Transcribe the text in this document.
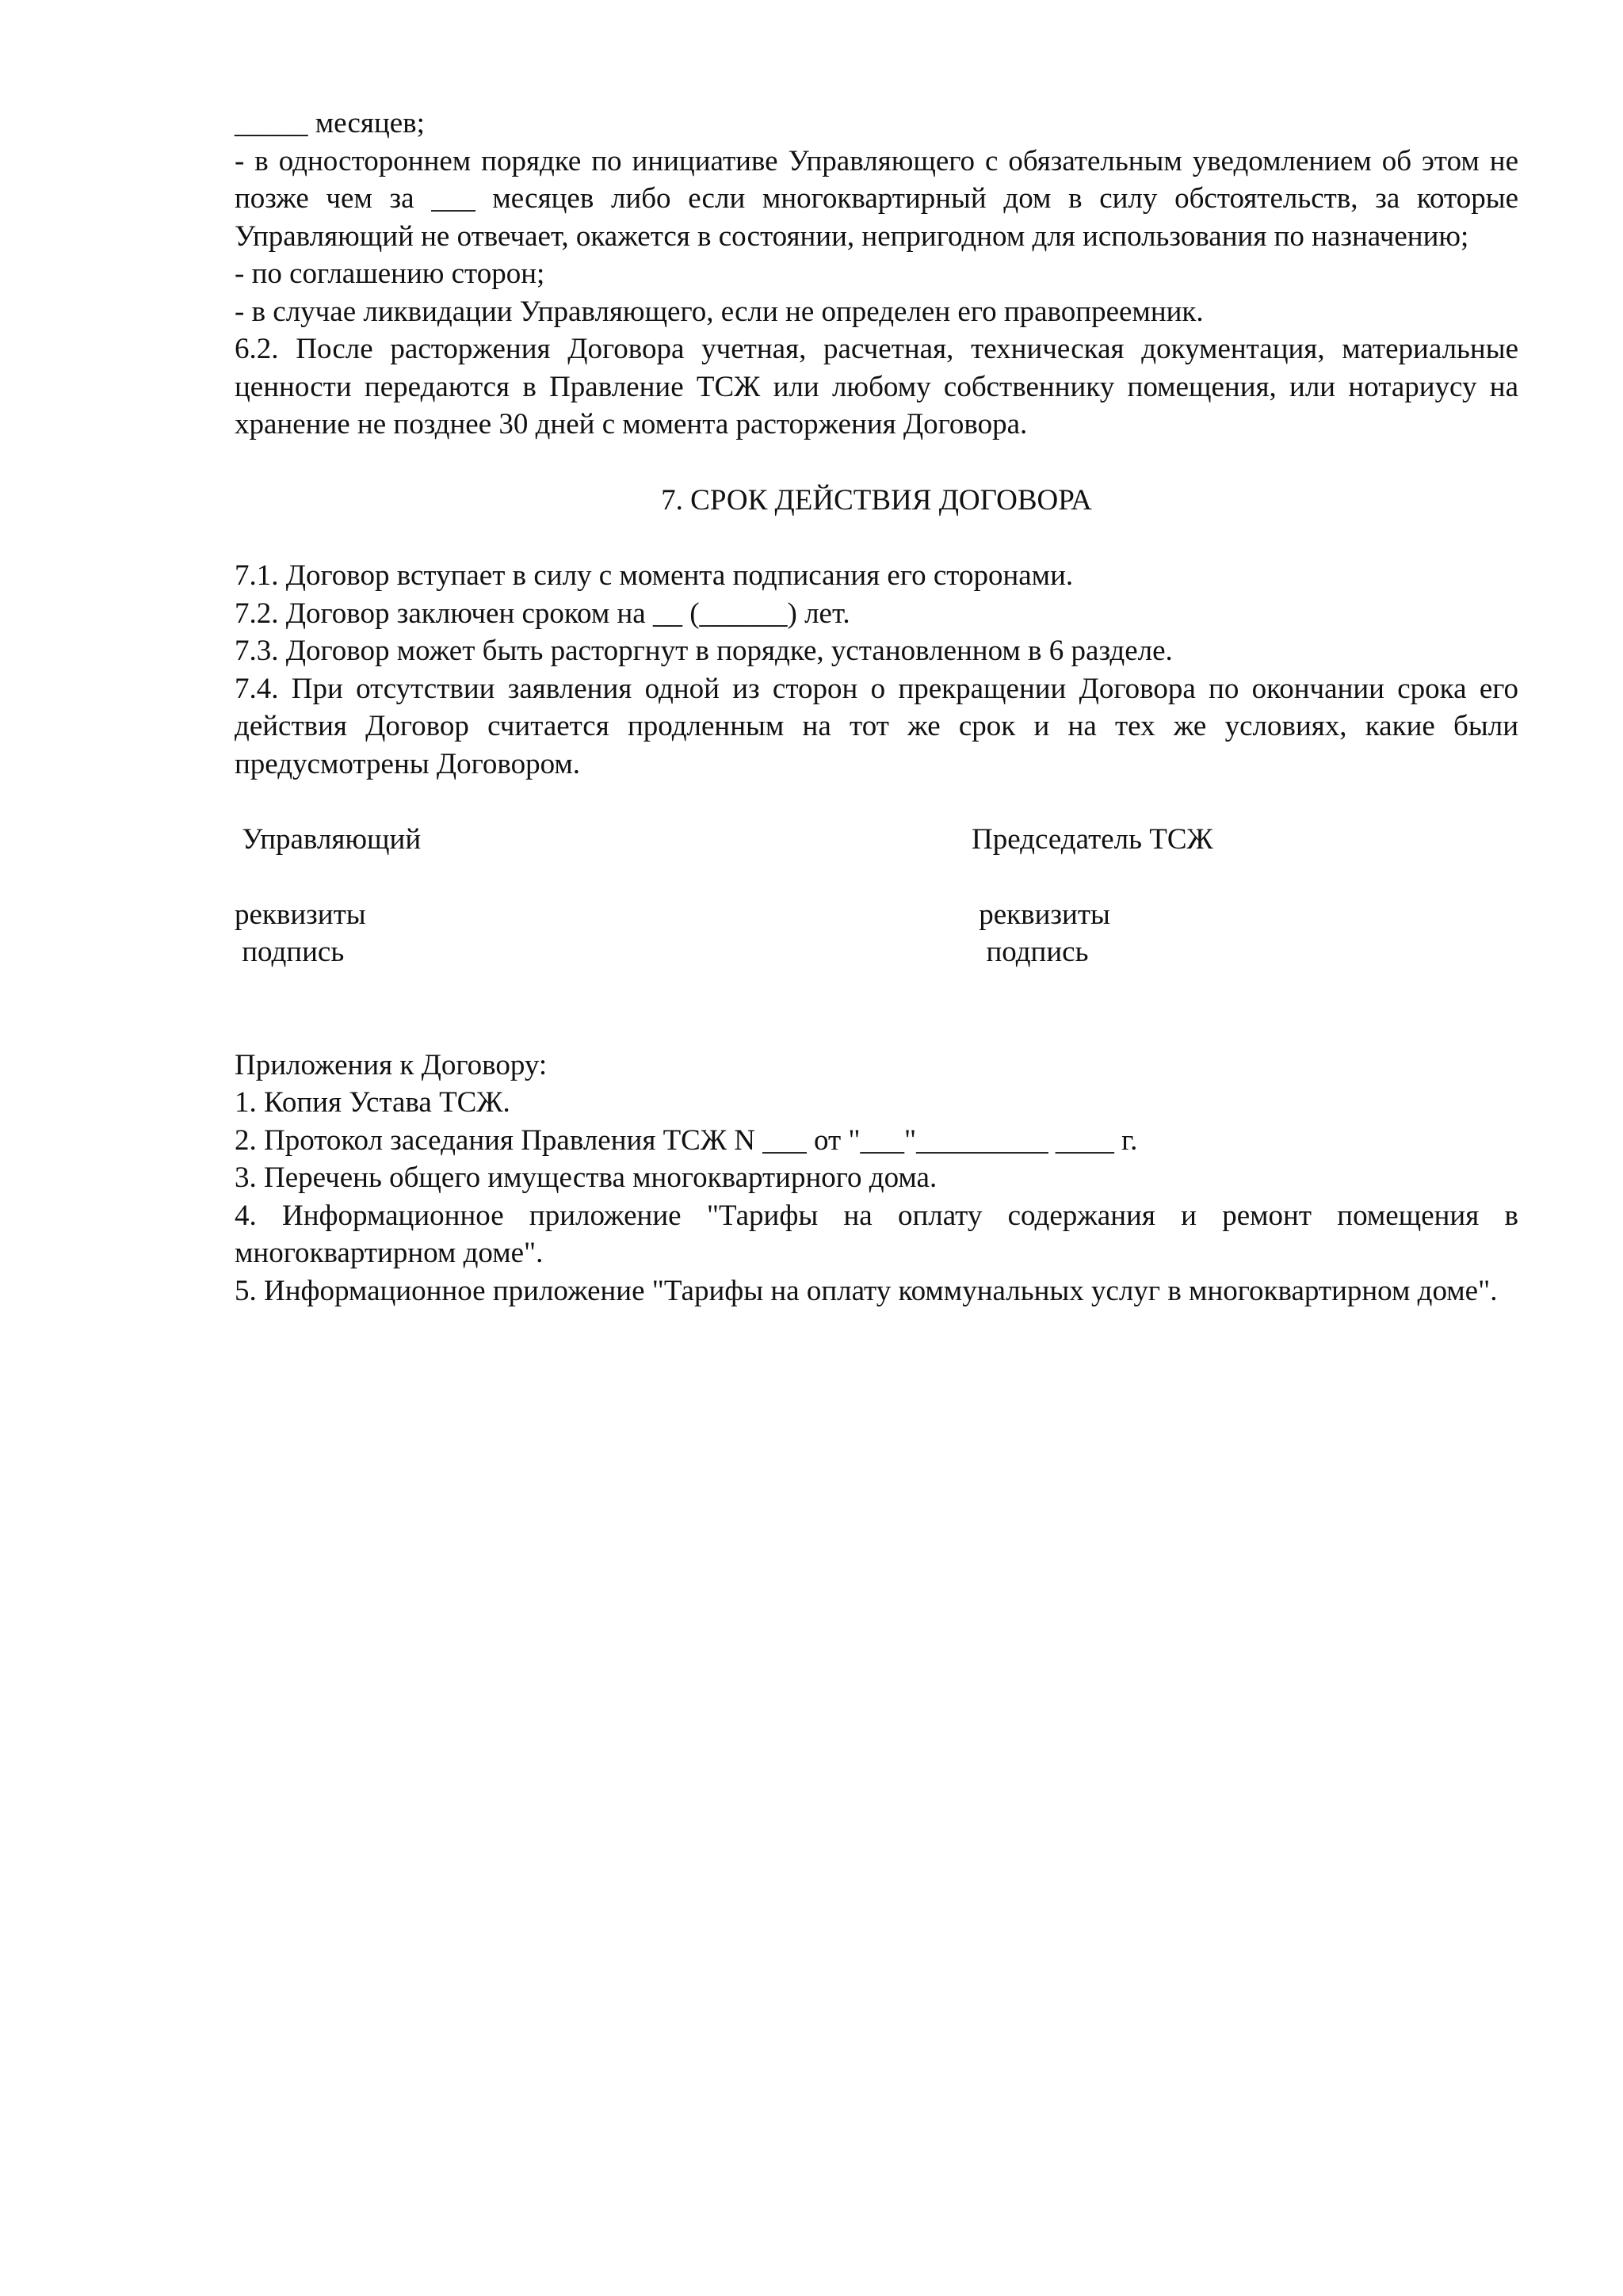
_____ месяцев;

- в одностороннем порядке по инициативе Управляющего с обязательным уведомлением об этом не позже чем за ___ месяцев либо если многоквартирный дом в силу обстоятельств, за которые Управляющий не отвечает, окажется в состоянии, непригодном для использования по назначению;

- по соглашению сторон;

- в случае ликвидации Управляющего, если не определен его правопреемник.

6.2. После расторжения Договора учетная, расчетная, техническая документация, материальные ценности передаются в Правление ТСЖ или любому собственнику помещения, или нотариусу на хранение не позднее 30 дней с момента расторжения Договора.

7. СРОК ДЕЙСТВИЯ ДОГОВОРА

7.1. Договор вступает в силу с момента подписания его сторонами.

7.2. Договор заключен сроком на __ (______) лет.

7.3. Договор может быть расторгнут в порядке, установленном в 6 разделе.

7.4. При отсутствии заявления одной из сторон о прекращении Договора по окончании срока его действия Договор считается продленным на тот же срок и на тех же условиях, какие были предусмотрены Договором.

Управляющий	Председатель ТСЖ
реквизиты	реквизиты
подпись	подпись

Приложения к Договору:

1. Копия Устава ТСЖ.

2. Протокол заседания Правления ТСЖ N ___ от "___"_________ ____ г.

3. Перечень общего имущества многоквартирного дома.

4. Информационное приложение "Тарифы на оплату содержания и ремонт помещения в многоквартирном доме".

5. Информационное приложение "Тарифы на оплату коммунальных услуг в многоквартирном доме".
